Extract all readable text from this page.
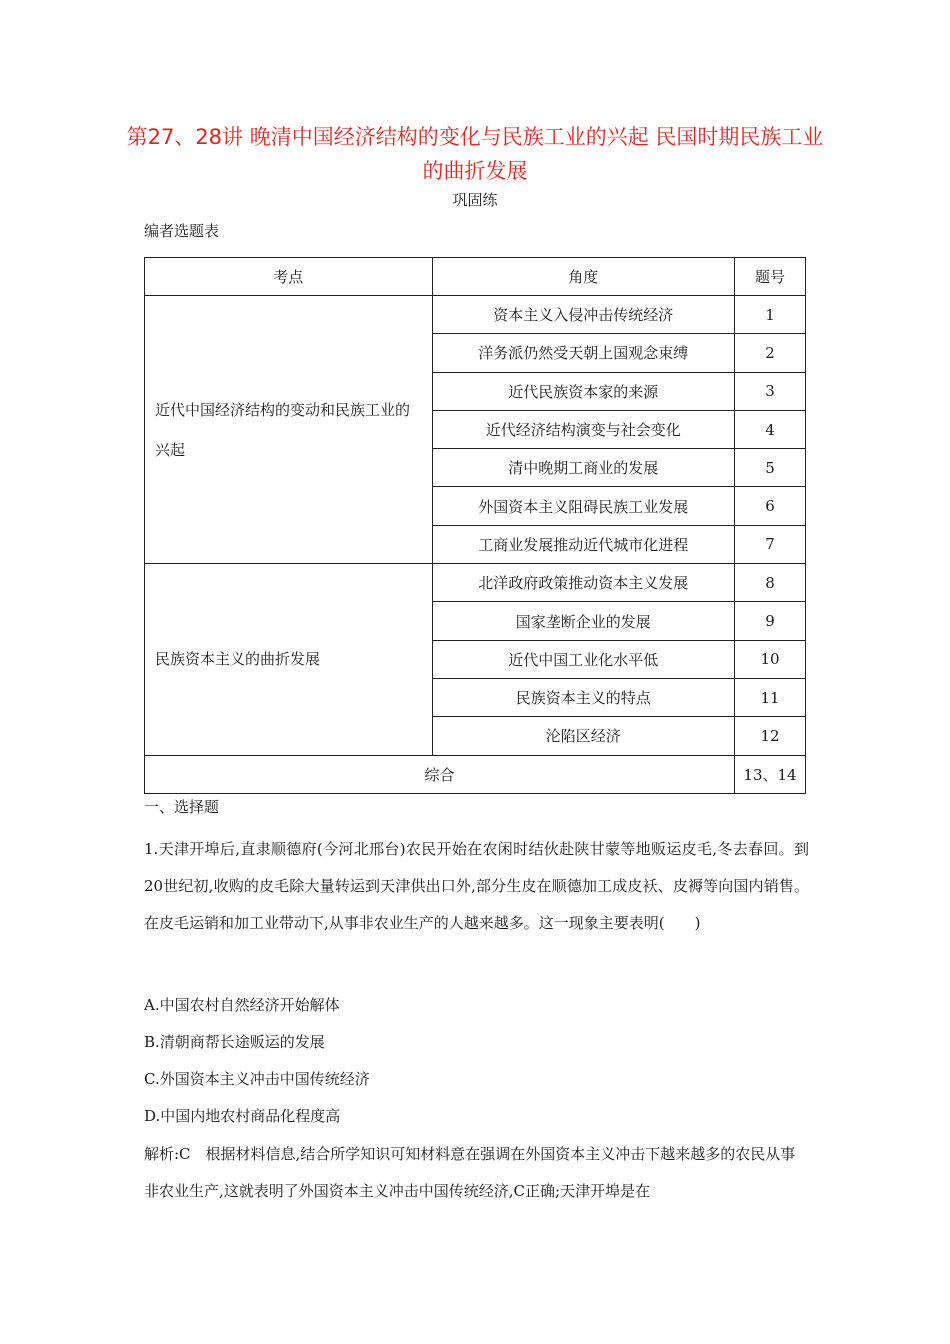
第27、28讲 晚清中国经济结构的变化与民族工业的兴起 民国时期民族工业的曲折发展
巩固练
编者选题表
考点	角度	题号
近代中国经济结构的变动和民族工业的兴起	资本主义入侵冲击传统经济	1
	洋务派仍然受天朝上国观念束缚	2
	近代民族资本家的来源	3
	近代经济结构演变与社会变化	4
	清中晚期工商业的发展	5
	外国资本主义阻碍民族工业发展	6
	工商业发展推动近代城市化进程	7
民族资本主义的曲折发展	北洋政府政策推动资本主义发展	8
	国家垄断企业的发展	9
	近代中国工业化水平低	10
	民族资本主义的特点	11
	沦陷区经济	12
综合		13、14
一、选择题
1.天津开埠后,直隶顺德府(今河北邢台)农民开始在农闲时结伙赴陕甘蒙等地贩运皮毛,冬去春回。到20世纪初,收购的皮毛除大量转运到天津供出口外,部分生皮在顺德加工成皮袄、皮褥等向国内销售。在皮毛运销和加工业带动下,从事非农业生产的人越来越多。这一现象主要表明(　　)
A.中国农村自然经济开始解体
B.清朝商帮长途贩运的发展
C.外国资本主义冲击中国传统经济
D.中国内地农村商品化程度高
解析:C　根据材料信息,结合所学知识可知材料意在强调在外国资本主义冲击下越来越多的农民从事非农业生产,这就表明了外国资本主义冲击中国传统经济,C正确;天津开埠是在
